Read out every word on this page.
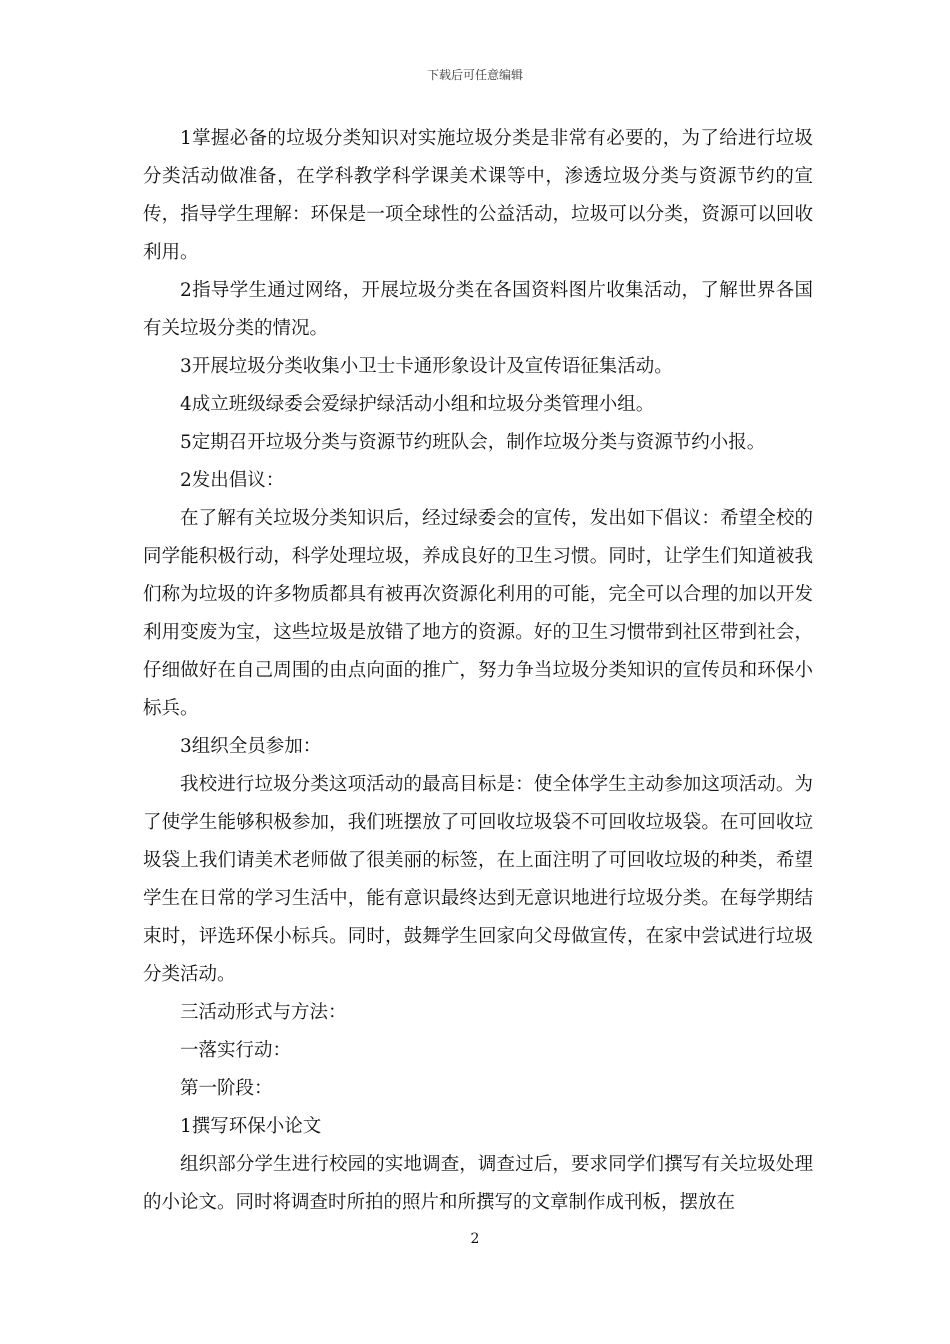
下载后可任意编辑

1掌握必备的垃圾分类知识对实施垃圾分类是非常有必要的，为了给进行垃圾分类活动做准备，在学科教学科学课美术课等中，渗透垃圾分类与资源节约的宣传，指导学生理解：环保是一项全球性的公益活动，垃圾可以分类，资源可以回收利用。

2指导学生通过网络，开展垃圾分类在各国资料图片收集活动，了解世界各国有关垃圾分类的情况。

3开展垃圾分类收集小卫士卡通形象设计及宣传语征集活动。

4成立班级绿委会爱绿护绿活动小组和垃圾分类管理小组。

5定期召开垃圾分类与资源节约班队会，制作垃圾分类与资源节约小报。

2发出倡议：

在了解有关垃圾分类知识后，经过绿委会的宣传，发出如下倡议：希望全校的同学能积极行动，科学处理垃圾，养成良好的卫生习惯。同时，让学生们知道被我们称为垃圾的许多物质都具有被再次资源化利用的可能，完全可以合理的加以开发利用变废为宝，这些垃圾是放错了地方的资源。好的卫生习惯带到社区带到社会，仔细做好在自己周围的由点向面的推广，努力争当垃圾分类知识的宣传员和环保小标兵。

3组织全员参加：

我校进行垃圾分类这项活动的最高目标是：使全体学生主动参加这项活动。为了使学生能够积极参加，我们班摆放了可回收垃圾袋不可回收垃圾袋。在可回收垃圾袋上我们请美术老师做了很美丽的标签，在上面注明了可回收垃圾的种类，希望学生在日常的学习生活中，能有意识最终达到无意识地进行垃圾分类。在每学期结束时，评选环保小标兵。同时，鼓舞学生回家向父母做宣传，在家中尝试进行垃圾分类活动。

三活动形式与方法：

一落实行动：

第一阶段：

1撰写环保小论文

组织部分学生进行校园的实地调查，调查过后，要求同学们撰写有关垃圾处理的小论文。同时将调查时所拍的照片和所撰写的文章制作成刊板，摆放在

2
